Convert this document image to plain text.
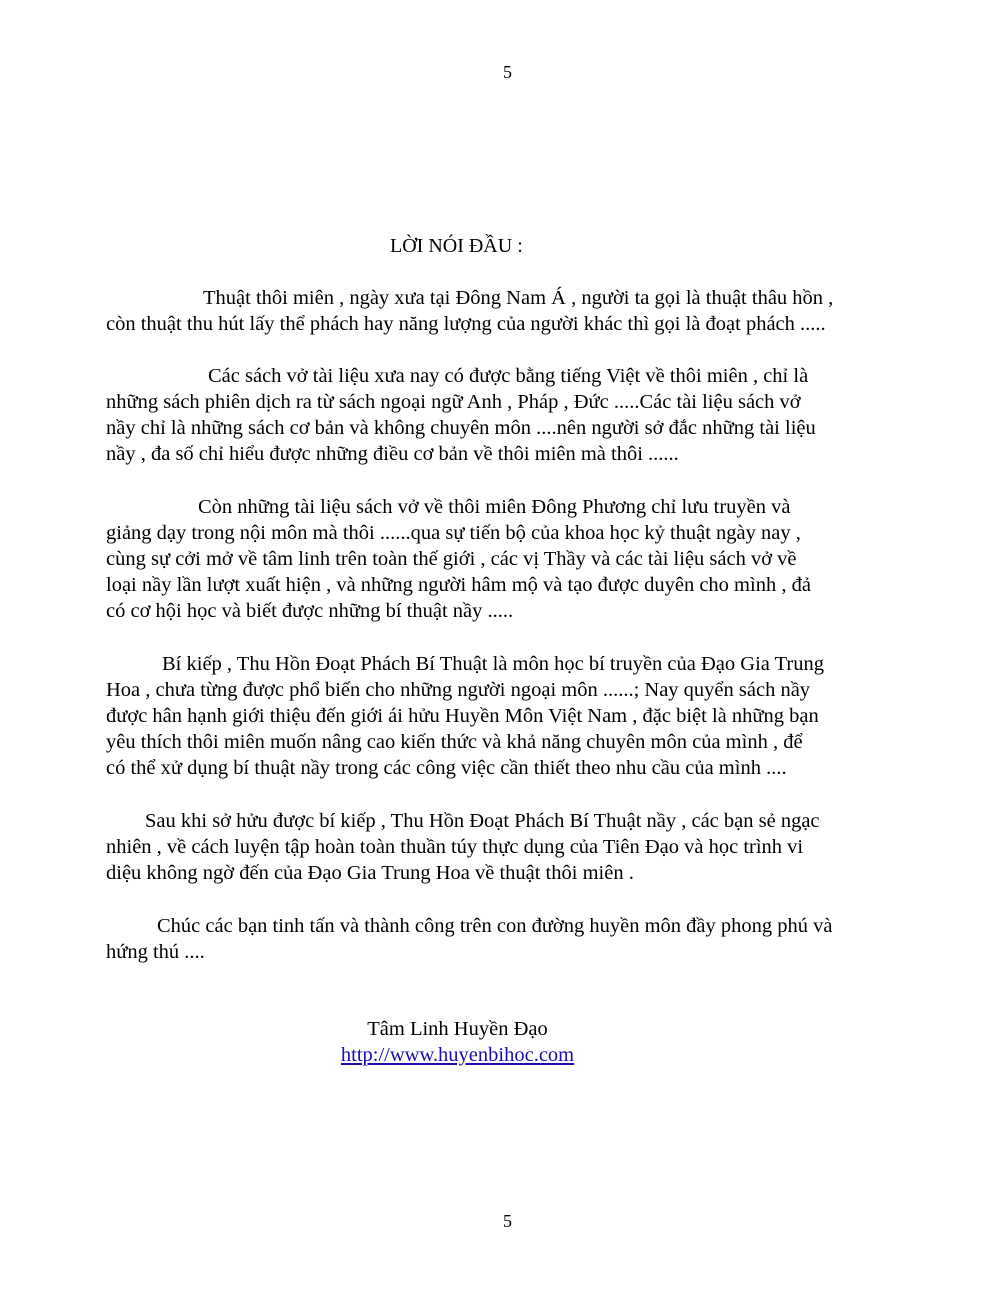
5
LỜI NÓI ĐẦU :
Thuật thôi miên , ngày xưa tại Đông Nam Á , người ta gọi là thuật thâu hồn ,
còn thuật thu hút lấy thể phách hay năng lượng của người khác thì gọi là đoạt phách .....
Các sách vở tài liệu xưa nay có được bằng tiếng Việt về thôi miên , chỉ là
những sách phiên dịch ra từ sách ngoại ngữ Anh , Pháp , Đức .....Các tài liệu sách vở
nầy chỉ là những sách cơ bản và không chuyên môn ....nên người sở đắc những tài liệu
nầy , đa số chỉ hiểu được những điều cơ bản về thôi miên mà thôi ......
Còn những tài liệu sách vở về thôi miên Đông Phương chỉ lưu truyền và
giảng dạy trong nội môn mà thôi ......qua sự tiến bộ của khoa học kỷ thuật ngày nay ,
cùng sự cởi mở về tâm linh trên toàn thế giới , các vị Thầy và các tài liệu sách vở về
loại nầy lần lượt xuất hiện , và những người hâm mộ và tạo được duyên cho mình , đả
có cơ hội học và biết được những bí thuật nầy .....
Bí kiếp , Thu Hồn Đoạt Phách Bí Thuật là môn học bí truyền của Đạo Gia Trung
Hoa , chưa từng được phổ biến cho những người ngoại môn ......; Nay quyển sách nầy
được hân hạnh giới thiệu đến giới ái hửu Huyền Môn Việt Nam , đặc biệt là những bạn
yêu thích thôi miên muốn nâng cao kiến thức và khả năng chuyên môn của mình , để
có thể xử dụng bí thuật nầy trong các công việc cần thiết theo nhu cầu của mình ....
Sau khi sở hửu được bí kiếp , Thu Hồn Đoạt Phách Bí Thuật nầy , các bạn sẻ ngạc
nhiên , về cách luyện tập hoàn toàn thuần túy thực dụng của Tiên Đạo và học trình vi
diệu không ngờ đến của Đạo Gia Trung Hoa về thuật thôi miên .
Chúc các bạn tinh tấn và thành công trên con đường huyền môn đầy phong phú và
hứng thú ....
Tâm Linh Huyền Đạo
http://www.huyenbihoc.com
5
